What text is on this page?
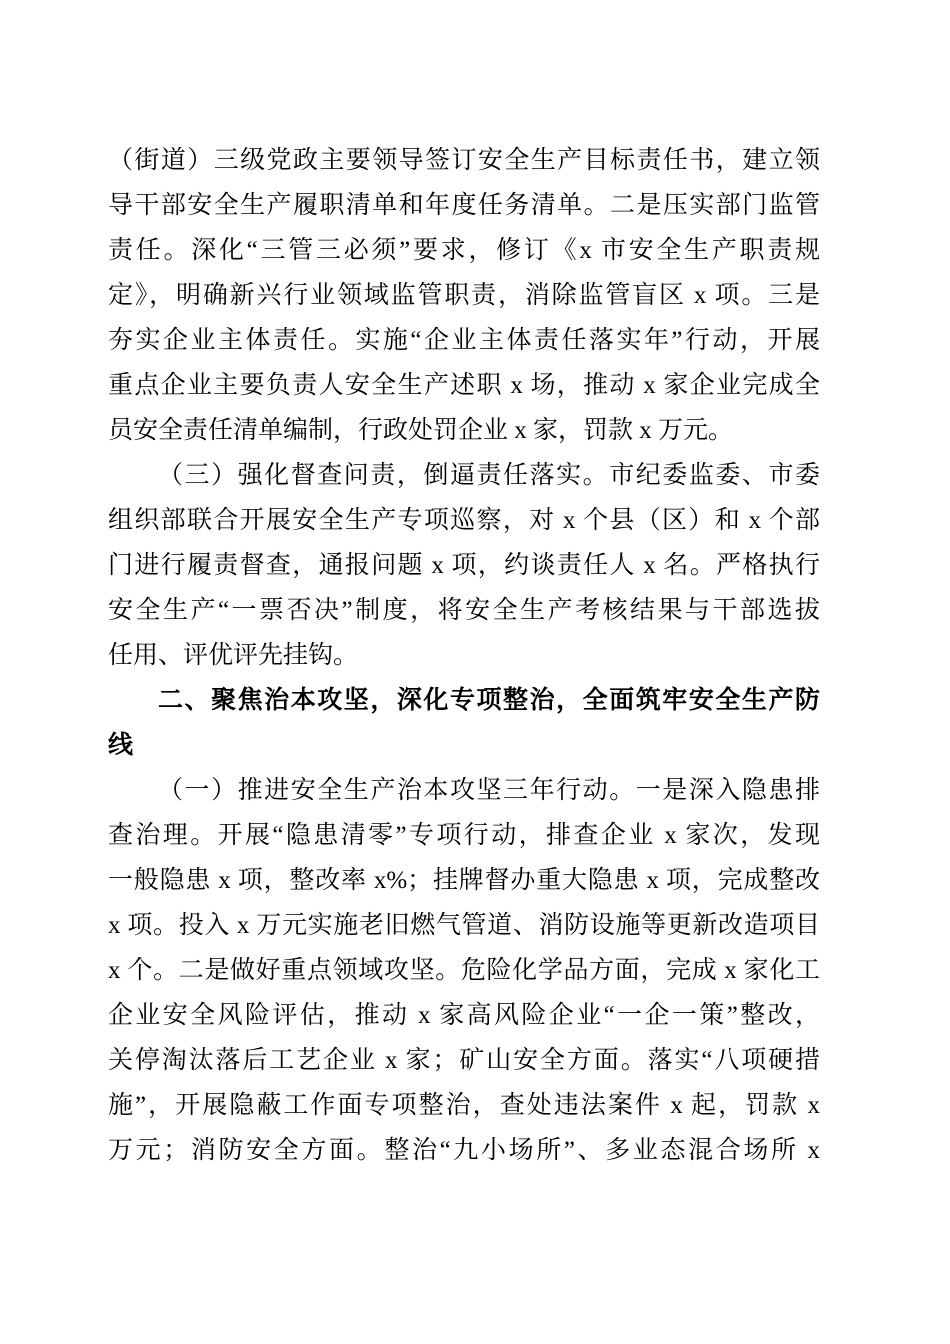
（街道）三级党政主要领导签订安全生产目标责任书，建立领
导干部安全生产履职清单和年度任务清单。二是压实部门监管
责任。深化“三管三必须”要求，修订《x 市安全生产职责规
定》，明确新兴行业领域监管职责，消除监管盲区 x 项。三是
夯实企业主体责任。实施“企业主体责任落实年”行动，开展
重点企业主要负责人安全生产述职 x 场，推动 x 家企业完成全
员安全责任清单编制，行政处罚企业 x 家，罚款 x 万元。
（三）强化督查问责，倒逼责任落实。市纪委监委、市委
组织部联合开展安全生产专项巡察，对 x 个县（区）和 x 个部
门进行履责督查，通报问题 x 项，约谈责任人 x 名。严格执行
安全生产“一票否决”制度，将安全生产考核结果与干部选拔
任用、评优评先挂钩。
二、聚焦治本攻坚，深化专项整治，全面筑牢安全生产防
线
（一）推进安全生产治本攻坚三年行动。一是深入隐患排
查治理。开展“隐患清零”专项行动，排查企业 x 家次，发现
一般隐患 x 项，整改率 x%；挂牌督办重大隐患 x 项，完成整改
x 项。投入 x 万元实施老旧燃气管道、消防设施等更新改造项目
x 个。二是做好重点领域攻坚。危险化学品方面，完成 x 家化工
企业安全风险评估，推动 x 家高风险企业“一企一策”整改，
关停淘汰落后工艺企业 x 家；矿山安全方面。落实“八项硬措
施”，开展隐蔽工作面专项整治，查处违法案件 x 起，罚款 x
万元；消防安全方面。整治“九小场所”、多业态混合场所 x
